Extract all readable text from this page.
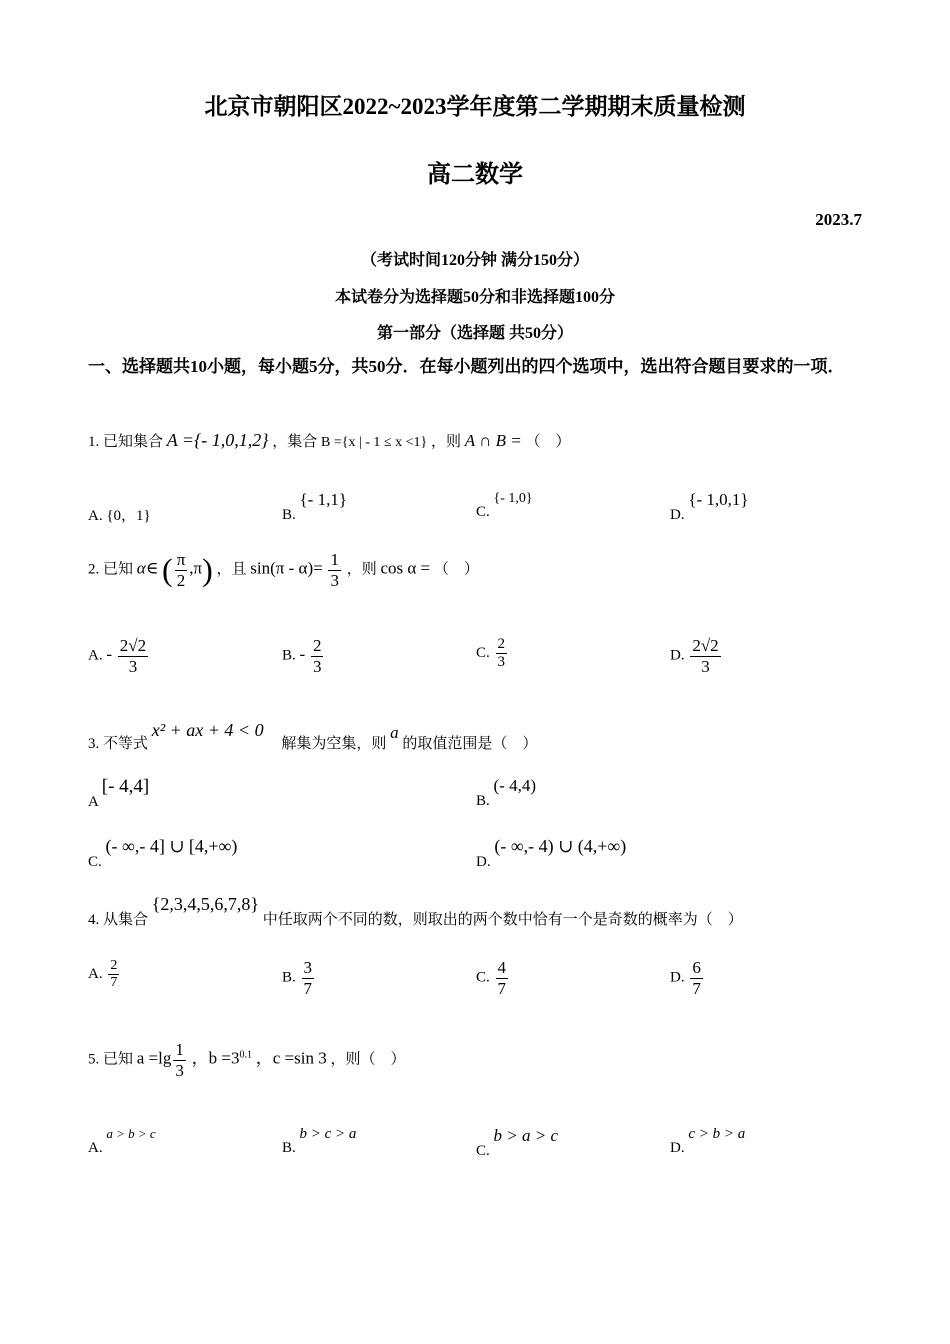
北京市朝阳区2022~2023学年度第二学期期末质量检测
高二数学
2023.7
（考试时间120分钟 满分150分）
本试卷分为选择题50分和非选择题100分
第一部分（选择题 共50分）
一、选择题共10小题，每小题5分，共50分．在每小题列出的四个选项中，选出符合题目要求的一项．
1. 已知集合 A ={- 1,0,1,2} ，集合 B ={x | - 1 ≤ x <1} ，则 A ∩ B = （　）
A. {0，1}	B. {- 1,1}
C. {- 1,0}
D. {- 1,0,1}
2. 已知 α∈ ( $\frac{\pi}{2} ,\pi$) ，且 $\sin(\pi - \alpha)= \frac{1}{3}$ ，则 cos α = （　）
A. - $\frac{2√2}{3}$	B. - $\frac{2}{3}$	C. $\frac{2}{3}$	D. $\frac{2√2}{3}$
3. 不等式 x² + ax + 4 < 0 解集为空集，则 a 的取值范围是（　）
A [- 4,4]
B. (- 4,4)
C. (- ∞,- 4] ∪ [4,+∞)
D. (- ∞,- 4) ∪ (4,+∞)
4. 从集合 {2,3,4,5,6,7,8} 中任取两个不同的数，则取出的两个数中恰有一个是奇数的概率为（　）
A. $\frac{2}{7}$	B. $\frac{3}{7}$	C. $\frac{4}{7}$	D. $\frac{6}{7}$
5. 已知 $a =\lg \frac{1}{3}$ ，$b =3^{0.1}$ ，c =sin 3 ，则（　）
A. a > b > c
B. b > c > a
C. b > a > c
D. c > b > a
